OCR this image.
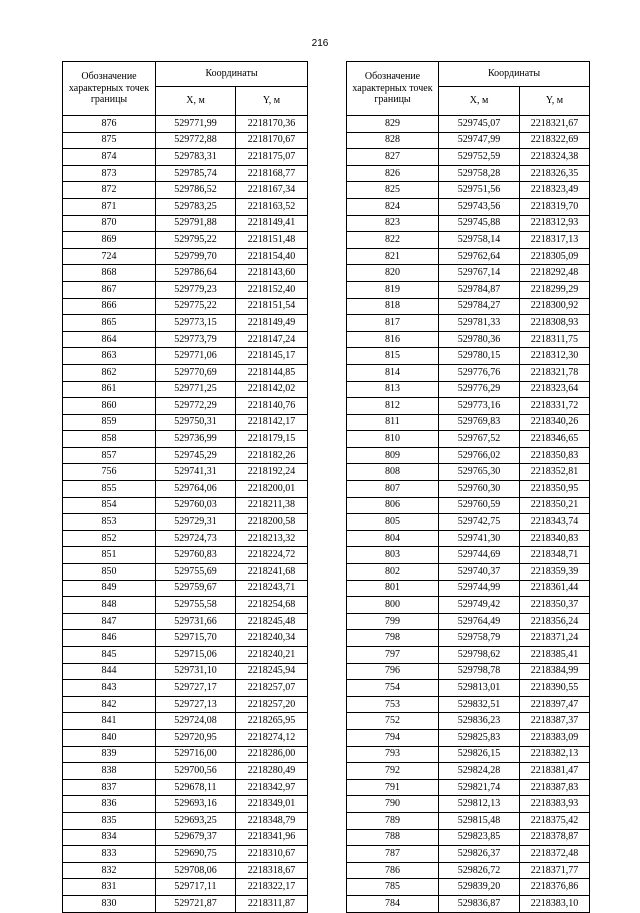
216
Обозначение характерных точек границы	Координаты	
	X, м	Y, м
876	529771,99	2218170,36
875	529772,88	2218170,67
874	529783,31	2218175,07
873	529785,74	2218168,77
872	529786,52	2218167,34
871	529783,25	2218163,52
870	529791,88	2218149,41
869	529795,22	2218151,48
724	529799,70	2218154,40
868	529786,64	2218143,60
867	529779,23	2218152,40
866	529775,22	2218151,54
865	529773,15	2218149,49
864	529773,79	2218147,24
863	529771,06	2218145,17
862	529770,69	2218144,85
861	529771,25	2218142,02
860	529772,29	2218140,76
859	529750,31	2218142,17
858	529736,99	2218179,15
857	529745,29	2218182,26
756	529741,31	2218192,24
855	529764,06	2218200,01
854	529760,03	2218211,38
853	529729,31	2218200,58
852	529724,73	2218213,32
851	529760,83	2218224,72
850	529755,69	2218241,68
849	529759,67	2218243,71
848	529755,58	2218254,68
847	529731,66	2218245,48
846	529715,70	2218240,34
845	529715,06	2218240,21
844	529731,10	2218245,94
843	529727,17	2218257,07
842	529727,13	2218257,20
841	529724,08	2218265,95
840	529720,95	2218274,12
839	529716,00	2218286,00
838	529700,56	2218280,49
837	529678,11	2218342,97
836	529693,16	2218349,01
835	529693,25	2218348,79
834	529679,37	2218341,96
833	529690,75	2218310,67
832	529708,06	2218318,67
831	529717,11	2218322,17
830	529721,87	2218311,87
Обозначение характерных точек границы	Координаты	
	X, м	Y, м
829	529745,07	2218321,67
828	529747,99	2218322,69
827	529752,59	2218324,38
826	529758,28	2218326,35
825	529751,56	2218323,49
824	529743,56	2218319,70
823	529745,88	2218312,93
822	529758,14	2218317,13
821	529762,64	2218305,09
820	529767,14	2218292,48
819	529784,87	2218299,29
818	529784,27	2218300,92
817	529781,33	2218308,93
816	529780,36	2218311,75
815	529780,15	2218312,30
814	529776,76	2218321,78
813	529776,29	2218323,64
812	529773,16	2218331,72
811	529769,83	2218340,26
810	529767,52	2218346,65
809	529766,02	2218350,83
808	529765,30	2218352,81
807	529760,30	2218350,95
806	529760,59	2218350,21
805	529742,75	2218343,74
804	529741,30	2218340,83
803	529744,69	2218348,71
802	529740,37	2218359,39
801	529744,99	2218361,44
800	529749,42	2218350,37
799	529764,49	2218356,24
798	529758,79	2218371,24
797	529798,62	2218385,41
796	529798,78	2218384,99
754	529813,01	2218390,55
753	529832,51	2218397,47
752	529836,23	2218387,37
794	529825,83	2218383,09
793	529826,15	2218382,13
792	529824,28	2218381,47
791	529821,74	2218387,83
790	529812,13	2218383,93
789	529815,48	2218375,42
788	529823,85	2218378,87
787	529826,37	2218372,48
786	529826,72	2218371,77
785	529839,20	2218376,86
784	529836,87	2218383,10
